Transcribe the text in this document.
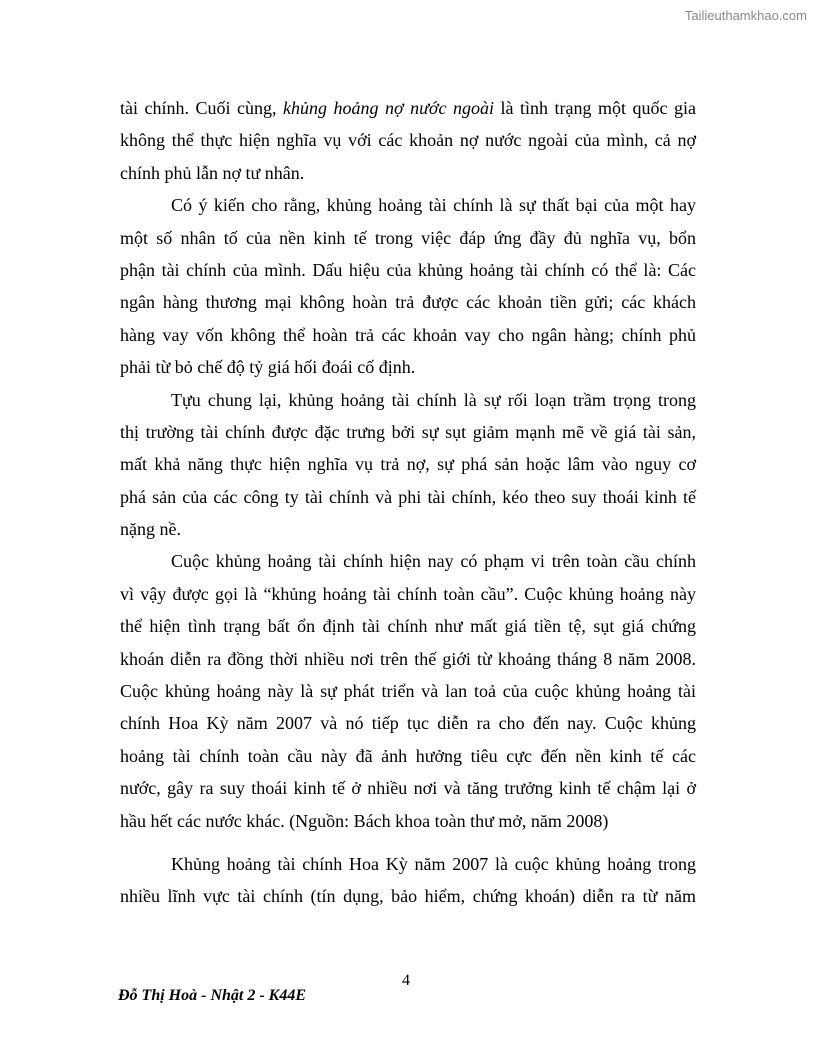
Tailieuthamkhao.com
tài chính. Cuối cùng, khủng hoảng nợ nước ngoài là tình trạng một quốc gia
không thể thực hiện nghĩa vụ với các khoản nợ nước ngoài của mình, cả nợ
chính phủ lẫn nợ tư nhân.
Có ý kiến cho rằng, khủng hoảng tài chính là sự thất bại của một hay
một số nhân tố của nền kinh tế trong việc đáp ứng đầy đủ nghĩa vụ, bổn
phận tài chính của mình. Dấu hiệu của khủng hoảng tài chính có thể là: Các
ngân hàng thương mại không hoàn trả được các khoản tiền gửi; các khách
hàng vay vốn không thể hoàn trả các khoản vay cho ngân hàng; chính phủ
phải từ bỏ chế độ tỷ giá hối đoái cố định.
Tựu chung lại, khủng hoảng tài chính là sự rối loạn trầm trọng trong
thị trường tài chính được đặc trưng bởi sự sụt giảm mạnh mẽ về giá tài sản,
mất khả năng thực hiện nghĩa vụ trả nợ, sự phá sản hoặc lâm vào nguy cơ
phá sản của các công ty tài chính và phi tài chính, kéo theo suy thoái kinh tế
nặng nề.
Cuộc khủng hoảng tài chính hiện nay có phạm vi trên toàn cầu chính
vì vậy được gọi là “khủng hoảng tài chính toàn cầu”. Cuộc khủng hoảng này
thể hiện tình trạng bất ổn định tài chính như mất giá tiền tệ, sụt giá chứng
khoán diễn ra đồng thời nhiều nơi trên thế giới từ khoảng tháng 8 năm 2008.
Cuộc khủng hoảng này là sự phát triển và lan toả của cuộc khủng hoảng tài
chính Hoa Kỳ năm 2007 và nó tiếp tục diễn ra cho đến nay. Cuộc khủng
hoảng tài chính toàn cầu này đã ảnh hưởng tiêu cực đến nền kinh tế các
nước, gây ra suy thoái kinh tế ở nhiều nơi và tăng trưởng kinh tế chậm lại ở
hầu hết các nước khác. (Nguồn: Bách khoa toàn thư mở, năm 2008)
Khủng hoảng tài chính Hoa Kỳ năm 2007 là cuộc khủng hoảng trong
nhiều lĩnh vực tài chính (tín dụng, bảo hiểm, chứng khoán) diễn ra từ năm
4
Đỗ Thị Hoà - Nhật 2 - K44E
